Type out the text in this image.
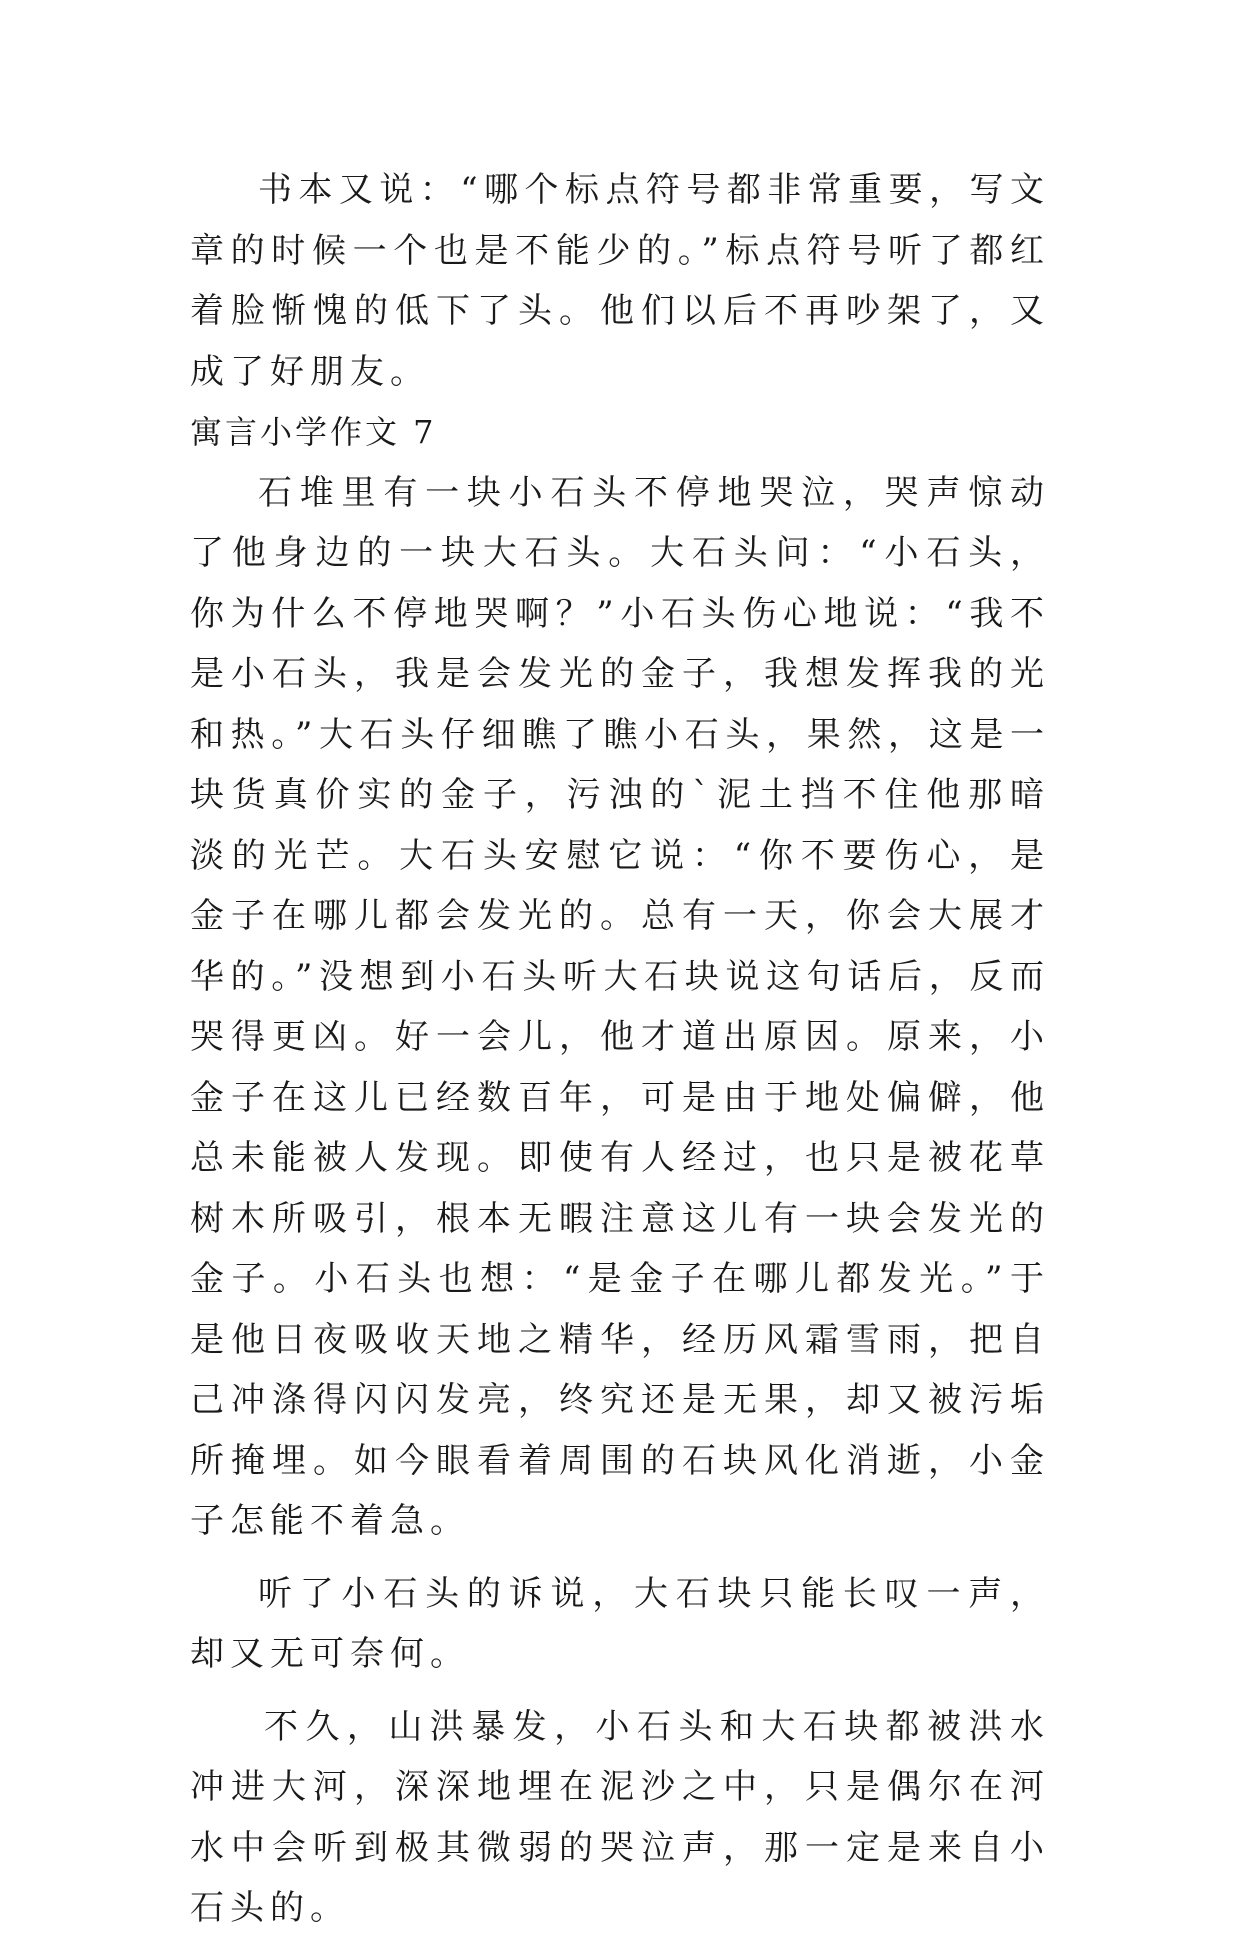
书本又说：“哪个标点符号都非常重要，写文章的时候一个也是不能少的。”标点符号听了都红着脸惭愧的低下了头。他们以后不再吵架了，又成了好朋友。

寓言小学作文 7

石堆里有一块小石头不停地哭泣，哭声惊动了他身边的一块大石头。大石头问：“小石头，你为什么不停地哭啊？”小石头伤心地说：“我不是小石头，我是会发光的金子，我想发挥我的光和热。”大石头仔细瞧了瞧小石头，果然，这是一块货真价实的金子，污浊的`泥土挡不住他那暗淡的光芒。大石头安慰它说：“你不要伤心，是金子在哪儿都会发光的。总有一天，你会大展才华的。”没想到小石头听大石块说这句话后，反而哭得更凶。好一会儿，他才道出原因。原来，小金子在这儿已经数百年，可是由于地处偏僻，他总未能被人发现。即使有人经过，也只是被花草树木所吸引，根本无暇注意这儿有一块会发光的金子。小石头也想：“是金子在哪儿都发光。”于是他日夜吸收天地之精华，经历风霜雪雨，把自己冲涤得闪闪发亮，终究还是无果，却又被污垢所掩埋。如今眼看着周围的石块风化消逝，小金子怎能不着急。

听了小石头的诉说，大石块只能长叹一声，却又无可奈何。

不久，山洪暴发，小石头和大石块都被洪水冲进大河，深深地埋在泥沙之中，只是偶尔在河水中会听到极其微弱的哭泣声，那一定是来自小石头的。
